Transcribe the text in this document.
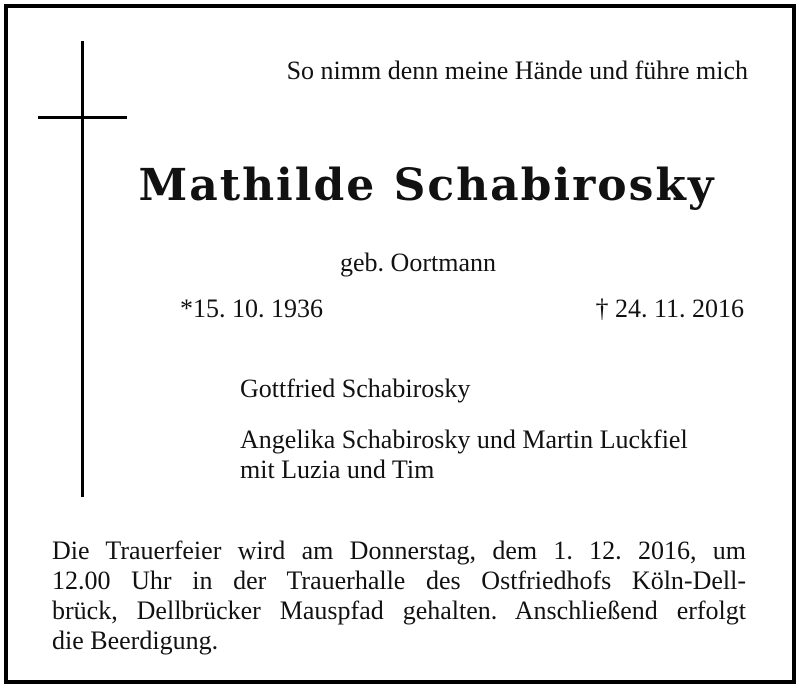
So nimm denn meine Hände und führe mich
Mathilde Schabirosky
geb. Oortmann
*15. 10. 1936	† 24. 11. 2016
Gottfried Schabirosky
Angelika Schabirosky und Martin Luckfiel
mit Luzia und Tim
Die Trauerfeier wird am Donnerstag, dem 1. 12. 2016, um
12.00 Uhr in der Trauerhalle des Ostfriedhofs Köln-Dell-
brück, Dellbrücker Mauspfad gehalten. Anschließend erfolgt
die Beerdigung.
